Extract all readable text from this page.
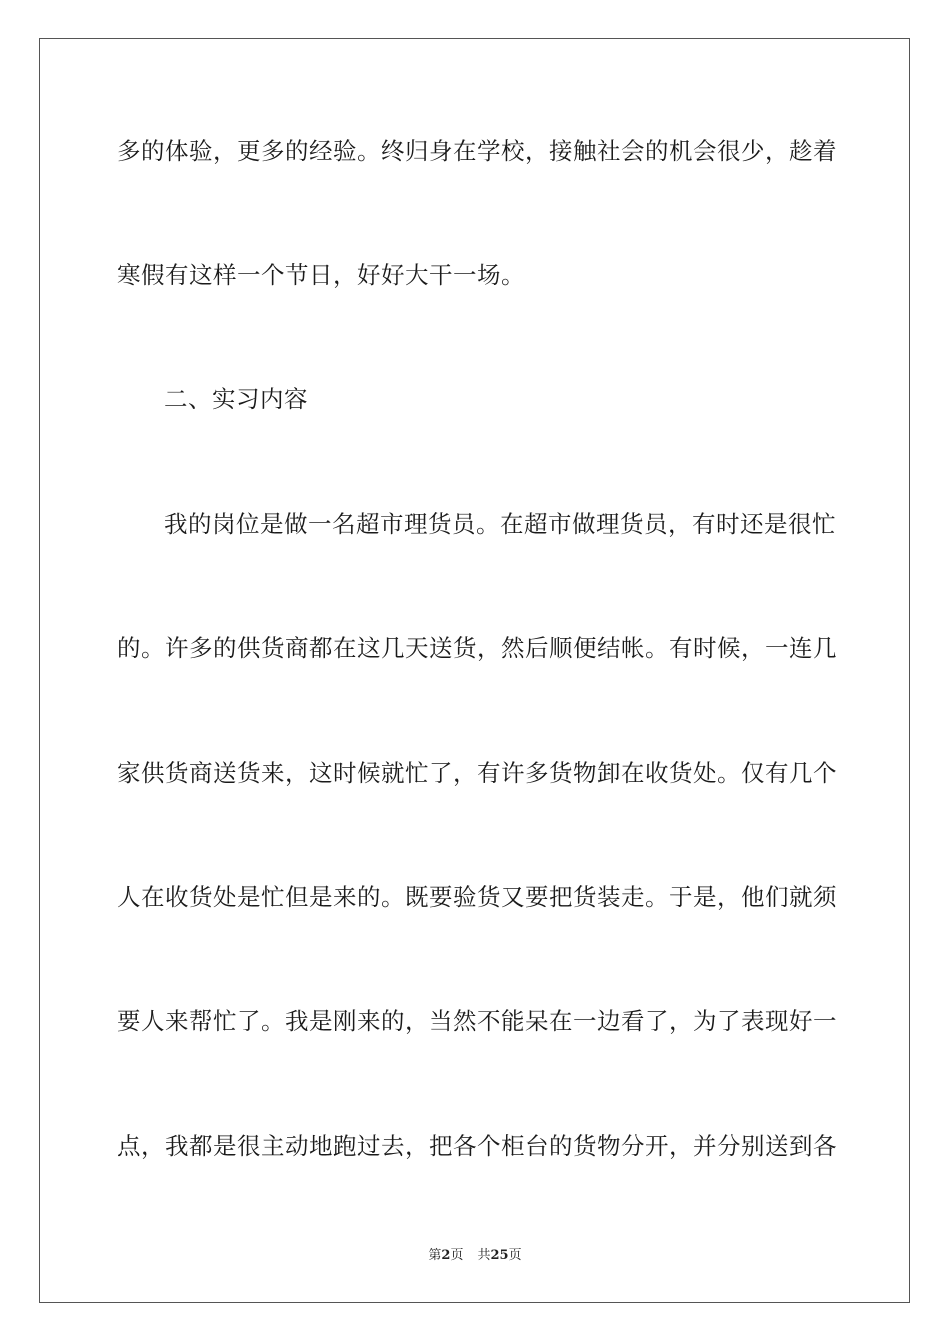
多的体验，更多的经验。终归身在学校，接触社会的机会很少，趁着
寒假有这样一个节日，好好大干一场。
二、实习内容
我的岗位是做一名超市理货员。在超市做理货员，有时还是很忙
的。许多的供货商都在这几天送货，然后顺便结帐。有时候，一连几
家供货商送货来，这时候就忙了，有许多货物卸在收货处。仅有几个
人在收货处是忙但是来的。既要验货又要把货装走。于是，他们就须
要人来帮忙了。我是刚来的，当然不能呆在一边看了，为了表现好一
点，我都是很主动地跑过去，把各个柜台的货物分开，并分别送到各
第2页 共25页
